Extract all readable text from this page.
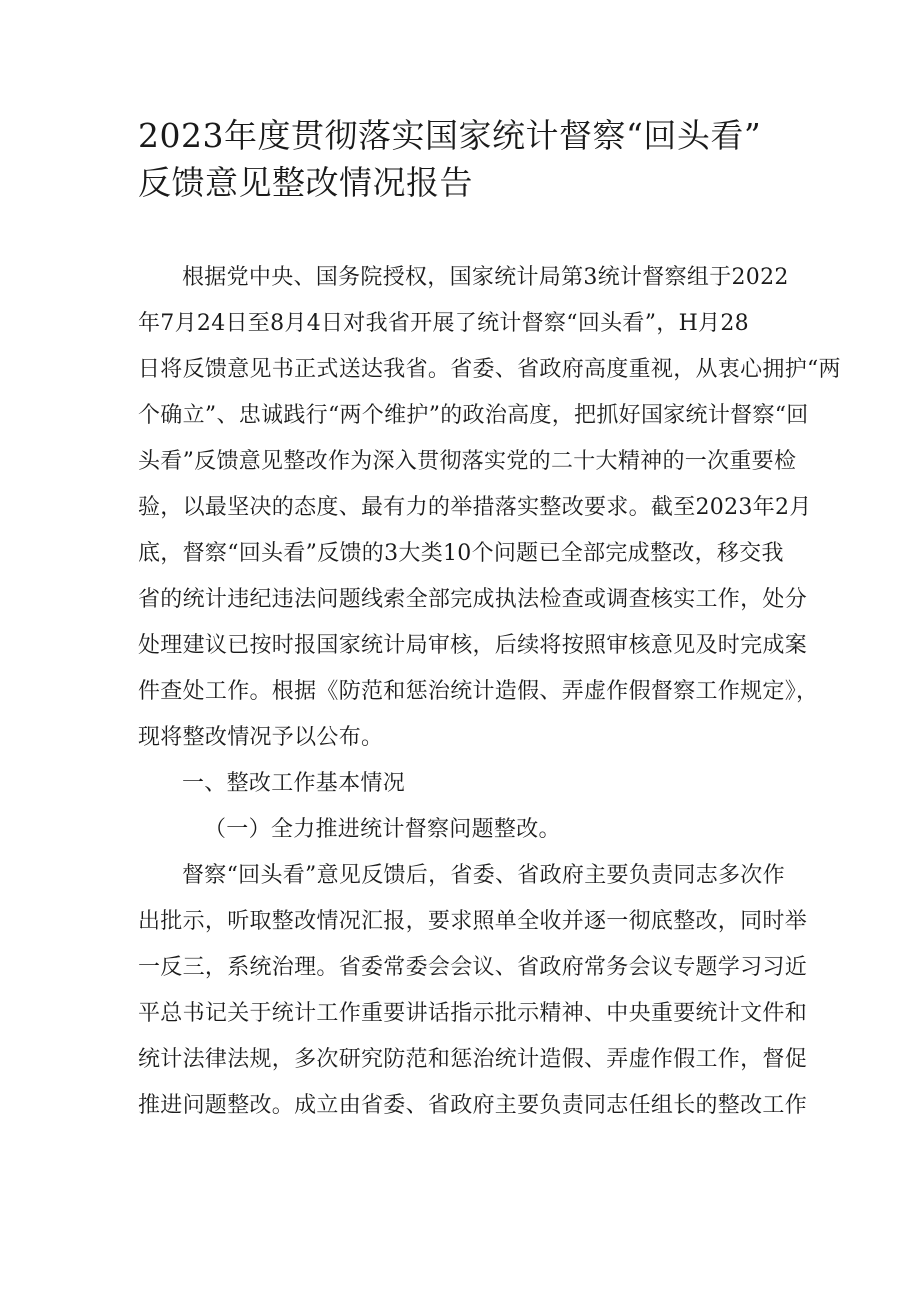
2023年度贯彻落实国家统计督察“回头看”
反馈意见整改情况报告
根据党中央、国务院授权，国家统计局第3统计督察组于2022
年7月24日至8月4日对我省开展了统计督察“回头看”，H月28
日将反馈意见书正式送达我省。省委、省政府高度重视，从衷心拥护“两
个确立”、忠诚践行“两个维护”的政治高度，把抓好国家统计督察“回
头看”反馈意见整改作为深入贯彻落实党的二十大精神的一次重要检
验，以最坚决的态度、最有力的举措落实整改要求。截至2023年2月
底，督察“回头看”反馈的3大类10个问题已全部完成整改，移交我
省的统计违纪违法问题线索全部完成执法检查或调查核实工作，处分
处理建议已按时报国家统计局审核，后续将按照审核意见及时完成案
件查处工作。根据《防范和惩治统计造假、弄虚作假督察工作规定》，
现将整改情况予以公布。
一、整改工作基本情况
（一）全力推进统计督察问题整改。
督察“回头看”意见反馈后，省委、省政府主要负责同志多次作
出批示，听取整改情况汇报，要求照单全收并逐一彻底整改，同时举
一反三，系统治理。省委常委会会议、省政府常务会议专题学习习近
平总书记关于统计工作重要讲话指示批示精神、中央重要统计文件和
统计法律法规，多次研究防范和惩治统计造假、弄虚作假工作，督促
推进问题整改。成立由省委、省政府主要负责同志任组长的整改工作
